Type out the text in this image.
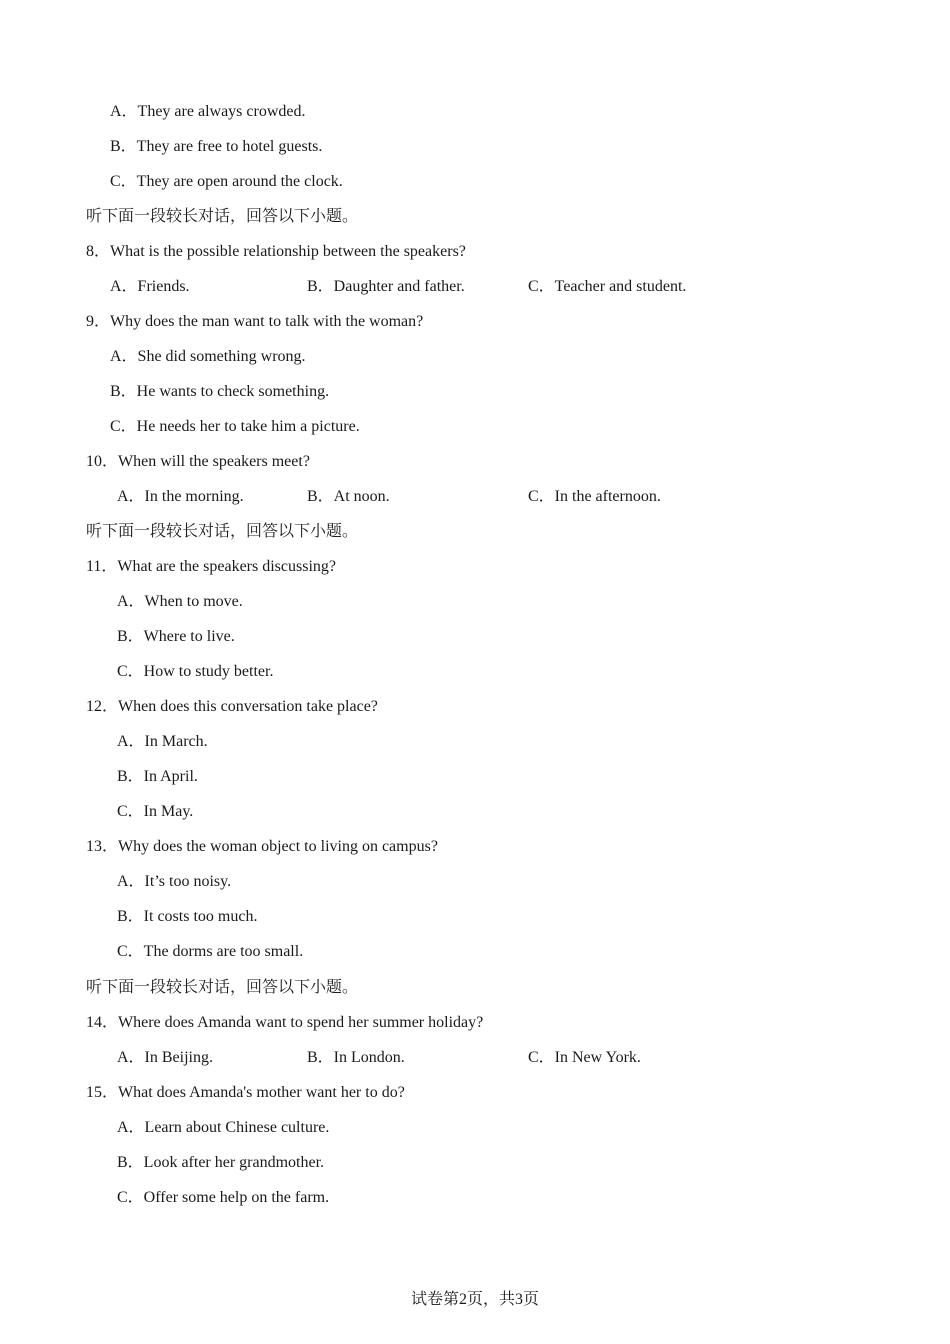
A．They are always crowded.
B．They are free to hotel guests.
C．They are open around the clock.
听下面一段较长对话，回答以下小题。
8．What is the possible relationship between the speakers?
A．Friends.	B．Daughter and father.	C．Teacher and student.
9．Why does the man want to talk with the woman?
A．She did something wrong.
B．He wants to check something.
C．He needs her to take him a picture.
10．When will the speakers meet?
A．In the morning.	B．At noon.	C．In the afternoon.
听下面一段较长对话，回答以下小题。
11．What are the speakers discussing?
A．When to move.
B．Where to live.
C．How to study better.
12．When does this conversation take place?
A．In March.
B．In April.
C．In May.
13．Why does the woman object to living on campus?
A．It’s too noisy.
B．It costs too much.
C．The dorms are too small.
听下面一段较长对话，回答以下小题。
14．Where does Amanda want to spend her summer holiday?
A．In Beijing.	B．In London.	C．In New York.
15．What does Amanda's mother want her to do?
A．Learn about Chinese culture.
B．Look after her grandmother.
C．Offer some help on the farm.
试卷第2页，共3页
